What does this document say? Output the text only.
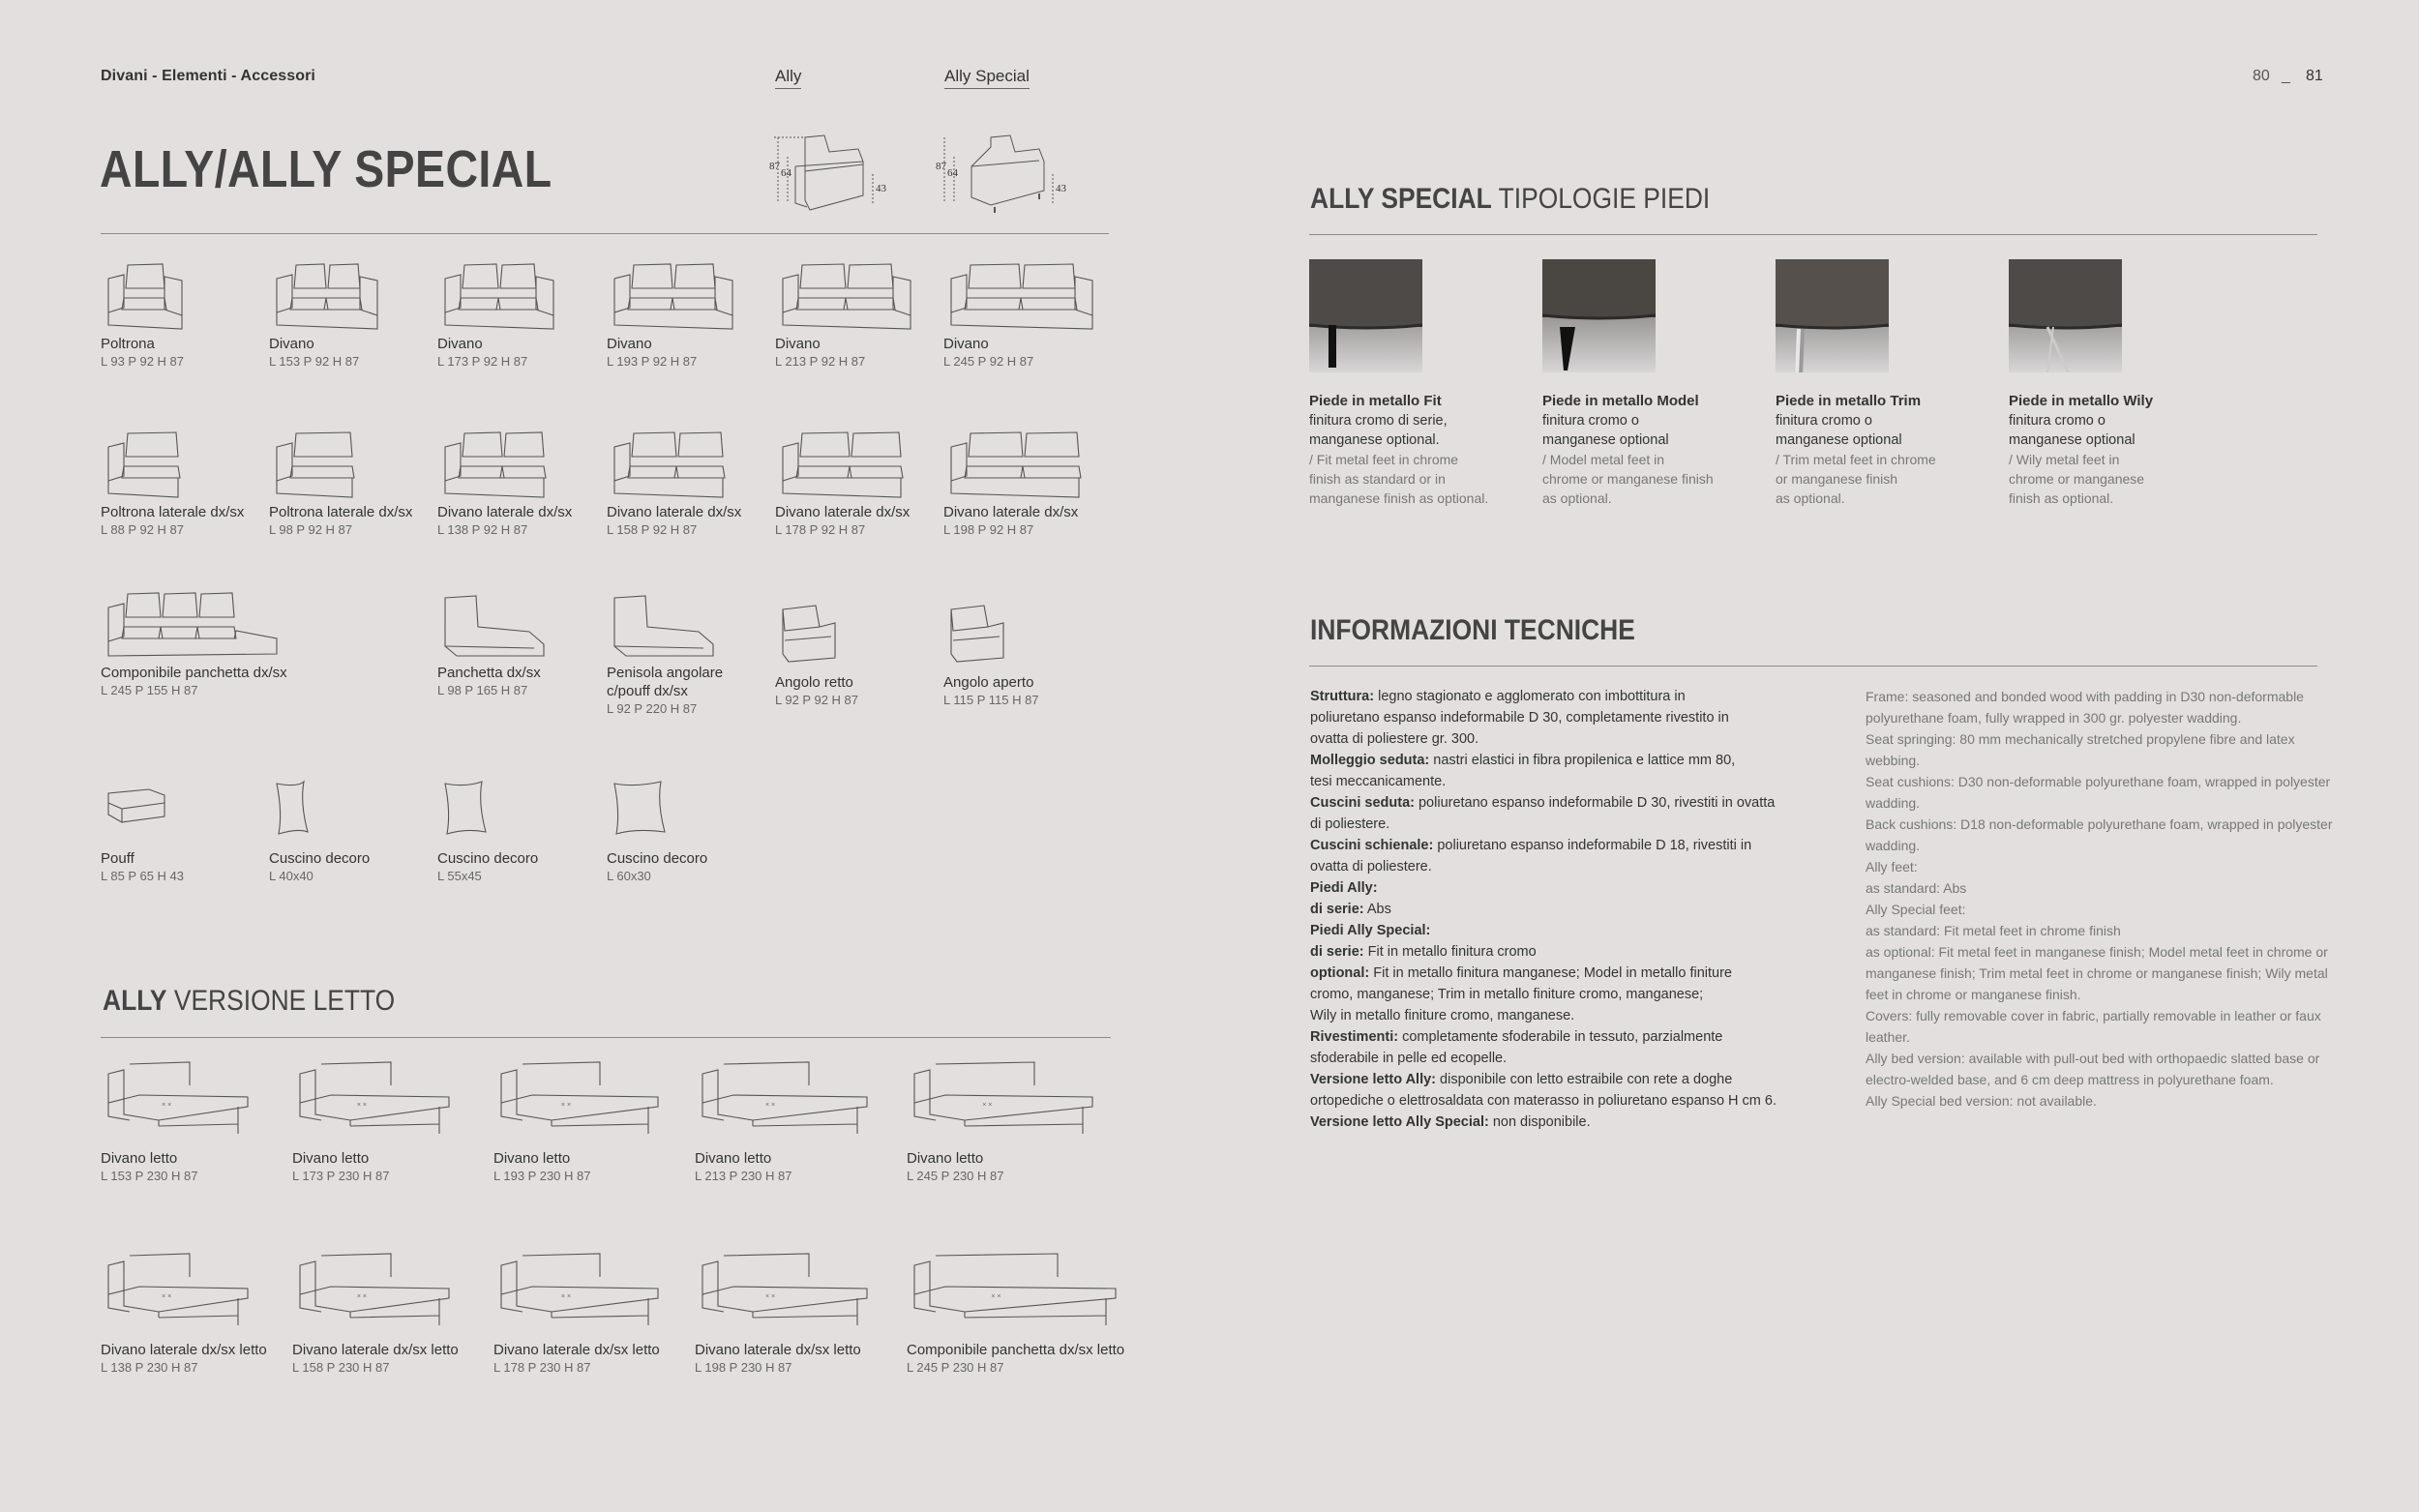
Divani - Elementi - Accessori	Ally	Ally Special	80 _ 81
ALLY/ALLY SPECIAL	87
64
43
87
64
43
Poltrona
L 93 P 92 H 87
Divano
L 153 P 92 H 87
Divano
L 173 P 92 H 87
Divano
L 193 P 92 H 87
Divano
L 213 P 92 H 87
Divano
L 245 P 92 H 87
Poltrona laterale dx/sx
L 88 P 92 H 87
Poltrona laterale dx/sx
L 98 P 92 H 87
Divano laterale dx/sx
L 138 P 92 H 87
Divano laterale dx/sx
L 158 P 92 H 87
Divano laterale dx/sx
L 178 P 92 H 87
Divano laterale dx/sx
L 198 P 92 H 87
Componibile panchetta dx/sx
L 245 P 155 H 87
Panchetta dx/sx
L 98 P 165 H 87
Penisola angolare
c/pouff dx/sx
L 92 P 220 H 87
Angolo retto
L 92 P 92 H 87
Angolo aperto
L 115 P 115 H 87
Pouff
L 85 P 65 H 43
Cuscino decoro
L 40x40
Cuscino decoro
L 55x45
Cuscino decoro
L 60x30
ALLY VERSIONE LETTO
× ×
Divano letto
L 153 P 230 H 87
× ×
Divano letto
L 173 P 230 H 87
× ×
Divano letto
L 193 P 230 H 87
× ×
Divano letto
L 213 P 230 H 87
× ×
Divano letto
L 245 P 230 H 87
× ×
Divano laterale dx/sx letto
L 138 P 230 H 87
× ×
Divano laterale dx/sx letto
L 158 P 230 H 87
× ×
Divano laterale dx/sx letto
L 178 P 230 H 87
× ×
Divano laterale dx/sx letto
L 198 P 230 H 87
× ×
Componibile panchetta dx/sx letto
L 245 P 230 H 87
ALLY SPECIAL TIPOLOGIE PIEDI
Piede in metallo Fit
finitura cromo di serie,
manganese optional.
/ Fit metal feet in chrome
finish as standard or in
manganese finish as optional.
Piede in metallo Model
finitura cromo o
manganese optional
/ Model metal feet in
chrome or manganese finish
as optional.
Piede in metallo Trim
finitura cromo o
manganese optional
/ Trim metal feet in chrome
or manganese finish
as optional.
Piede in metallo Wily
finitura cromo o
manganese optional
/ Wily metal feet in
chrome or manganese
finish as optional.
INFORMAZIONI TECNICHE
Struttura: legno stagionato e agglomerato con imbottitura in
poliuretano espanso indeformabile D 30, completamente rivestito in
ovatta di poliestere gr. 300.
Molleggio seduta: nastri elastici in fibra propilenica e lattice mm 80,
tesi meccanicamente.
Cuscini seduta: poliuretano espanso indeformabile D 30, rivestiti in ovatta
di poliestere.
Cuscini schienale: poliuretano espanso indeformabile D 18, rivestiti in
ovatta di poliestere.
Piedi Ally:
di serie: Abs
Piedi Ally Special:
di serie: Fit in metallo finitura cromo
optional: Fit in metallo finitura manganese; Model in metallo finiture
cromo, manganese; Trim in metallo finiture cromo, manganese;
Wily in metallo finiture cromo, manganese.
Rivestimenti: completamente sfoderabile in tessuto, parzialmente
sfoderabile in pelle ed ecopelle.
Versione letto Ally: disponibile con letto estraibile con rete a doghe
ortopediche o elettrosaldata con materasso in poliuretano espanso H cm 6.
Versione letto Ally Special: non disponibile.
Frame: seasoned and bonded wood with padding in D30 non-deformable
polyurethane foam, fully wrapped in 300 gr. polyester wadding.
Seat springing: 80 mm mechanically stretched propylene fibre and latex
webbing.
Seat cushions: D30 non-deformable polyurethane foam, wrapped in polyester
wadding.
Back cushions: D18 non-deformable polyurethane foam, wrapped in polyester
wadding.
Ally feet:
as standard: Abs
Ally Special feet:
as standard: Fit metal feet in chrome finish
as optional: Fit metal feet in manganese finish; Model metal feet in chrome or
manganese finish; Trim metal feet in chrome or manganese finish; Wily metal
feet in chrome or manganese finish.
Covers: fully removable cover in fabric, partially removable in leather or faux
leather.
Ally bed version: available with pull-out bed with orthopaedic slatted base or
electro-welded base, and 6 cm deep mattress in polyurethane foam.
Ally Special bed version: not available.
